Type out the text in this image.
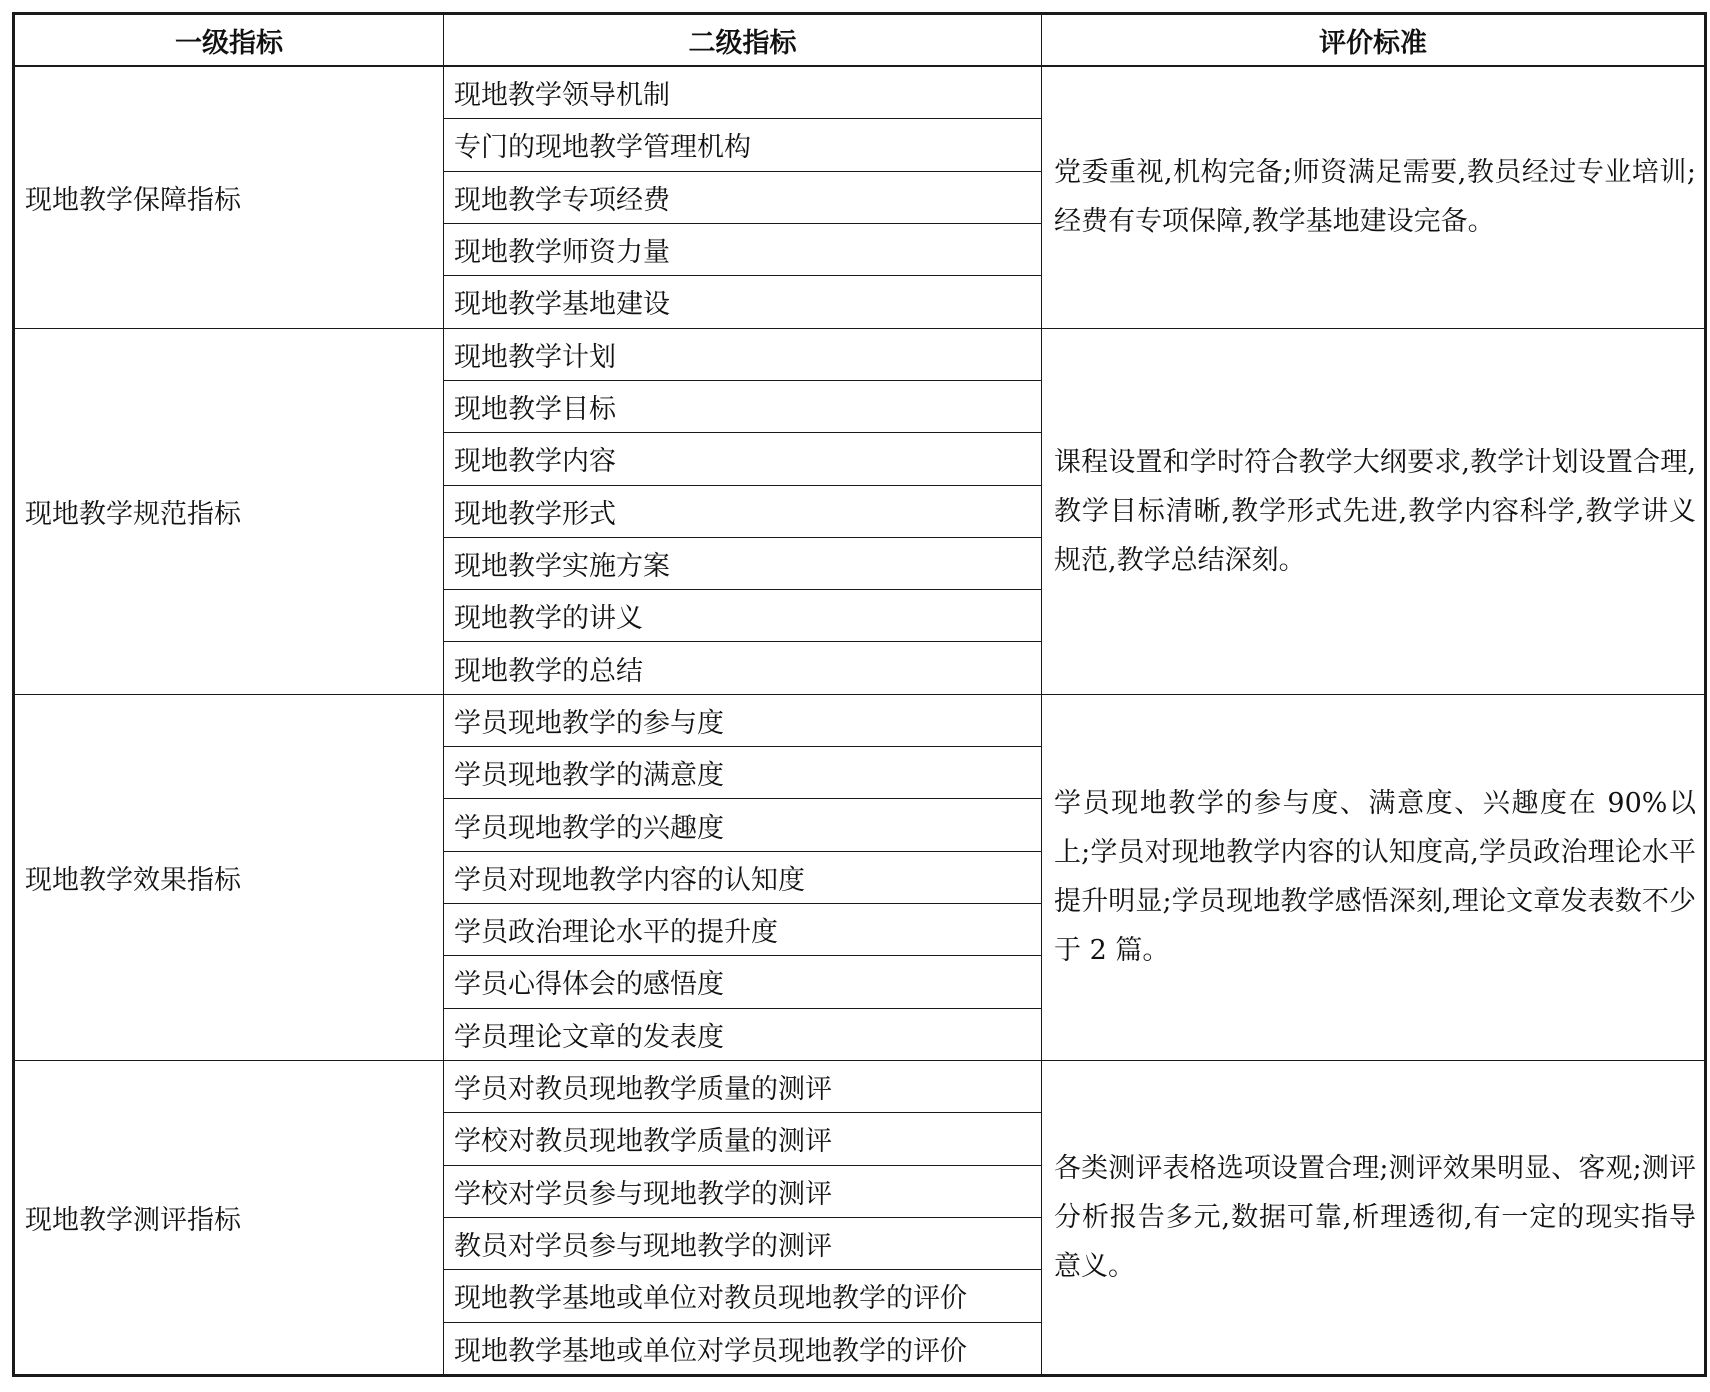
一级指标	二级指标	评价标准
现地教学保障指标	现地教学领导机制	党委重视,机构完备;师资满足需要,教员经过专业培训;经费有专项保障,教学基地建设完备。
	专门的现地教学管理机构	
	现地教学专项经费	
	现地教学师资力量	
	现地教学基地建设	
现地教学规范指标	现地教学计划	课程设置和学时符合教学大纲要求,教学计划设置合理,教学目标清晰,教学形式先进,教学内容科学,教学讲义规范,教学总结深刻。
	现地教学目标	
	现地教学内容	
	现地教学形式	
	现地教学实施方案	
	现地教学的讲义	
	现地教学的总结	
现地教学效果指标	学员现地教学的参与度	学员现地教学的参与度、满意度、兴趣度在 90%以上;学员对现地教学内容的认知度高,学员政治理论水平提升明显;学员现地教学感悟深刻,理论文章发表数不少于 2 篇。
	学员现地教学的满意度	
	学员现地教学的兴趣度	
	学员对现地教学内容的认知度	
	学员政治理论水平的提升度	
	学员心得体会的感悟度	
	学员理论文章的发表度	
现地教学测评指标	学员对教员现地教学质量的测评	各类测评表格选项设置合理;测评效果明显、客观;测评分析报告多元,数据可靠,析理透彻,有一定的现实指导意义。
	学校对教员现地教学质量的测评	
	学校对学员参与现地教学的测评	
	教员对学员参与现地教学的测评	
	现地教学基地或单位对教员现地教学的评价	
	现地教学基地或单位对学员现地教学的评价	
